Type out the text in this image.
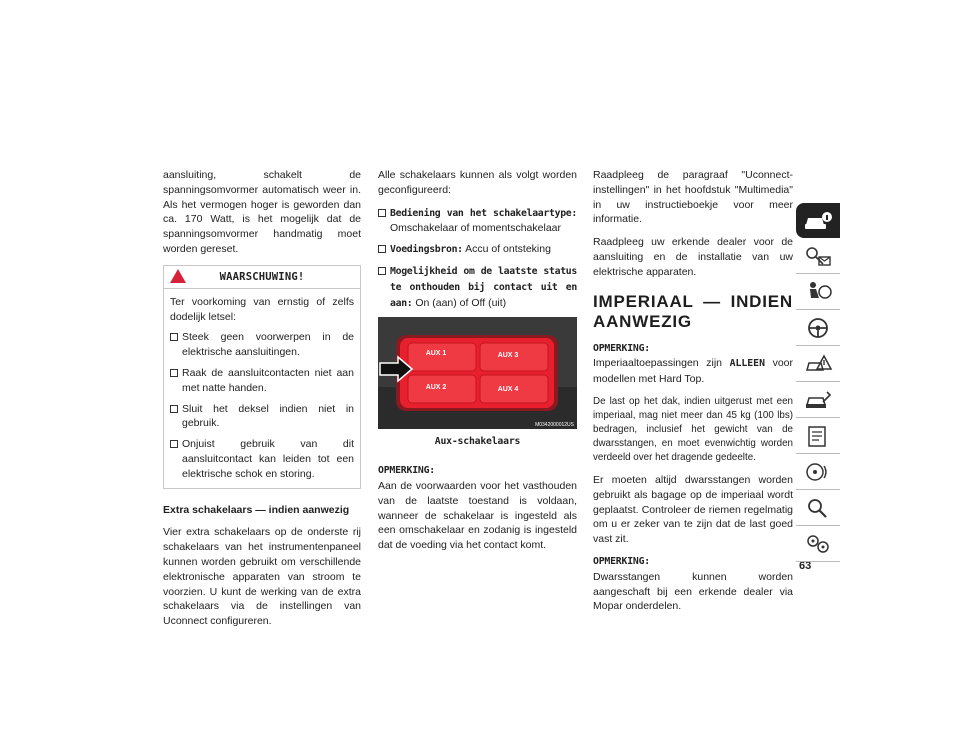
aansluiting, schakelt de spanningsomvormer automatisch weer in. Als het vermogen hoger is geworden dan ca. 170 Watt, is het mogelijk dat de spanningsomvormer handmatig moet worden gereset.

WAARSCHUWING!

Ter voorkoming van ernstig of zelfs dodelijk letsel:

Steek geen voorwerpen in de elektrische aansluitingen.
Raak de aansluitcontacten niet aan met natte handen.
Sluit het deksel indien niet in gebruik.
Onjuist gebruik van dit aansluitcontact kan leiden tot een elektrische schok en storing.
Extra schakelaars — indien aanwezig

Vier extra schakelaars op de onderste rij schakelaars van het instrumentenpaneel kunnen worden gebruikt om verschillende elektronische apparaten van stroom te voorzien. U kunt de werking van de extra schakelaars via de instellingen van Uconnect configureren.

Alle schakelaars kunnen als volgt worden geconfigureerd:

Bediening van het schakelaartype: Omschakelaar of momentschakelaar
Voedingsbron: Accu of ontsteking
Mogelijkheid om de laatste status te onthouden bij contact uit en aan: On (aan) of Off (uit)
AUX 1	AUX 3
AUX 2	AUX 4
M0342000012US
Aux-schakelaars
OPMERKING:

Aan de voorwaarden voor het vasthouden van de laatste toestand is voldaan, wanneer de schakelaar is ingesteld als een omschakelaar en zodanig is ingesteld dat de voeding via het contact komt.

Raadpleeg de paragraaf "Uconnect-instellingen" in het hoofdstuk "Multimedia" in uw instructieboekje voor meer informatie.

Raadpleeg uw erkende dealer voor de aansluiting en de installatie van uw elektrische apparaten.

IMPERIAAL — INDIEN AANWEZIG
OPMERKING:

Imperiaaltoepassingen zijn ALLEEN voor modellen met Hard Top.

De last op het dak, indien uitgerust met een imperiaal, mag niet meer dan 45 kg (100 lbs) bedragen, inclusief het gewicht van de dwarsstangen, en moet evenwichtig worden verdeeld over het dragende gedeelte.

Er moeten altijd dwarsstangen worden gebruikt als bagage op de imperiaal wordt geplaatst. Controleer de riemen regelmatig om u er zeker van te zijn dat de last goed vast zit.

OPMERKING:

Dwarsstangen kunnen worden aangeschaft bij een erkende dealer via Mopar onderdelen.

63
